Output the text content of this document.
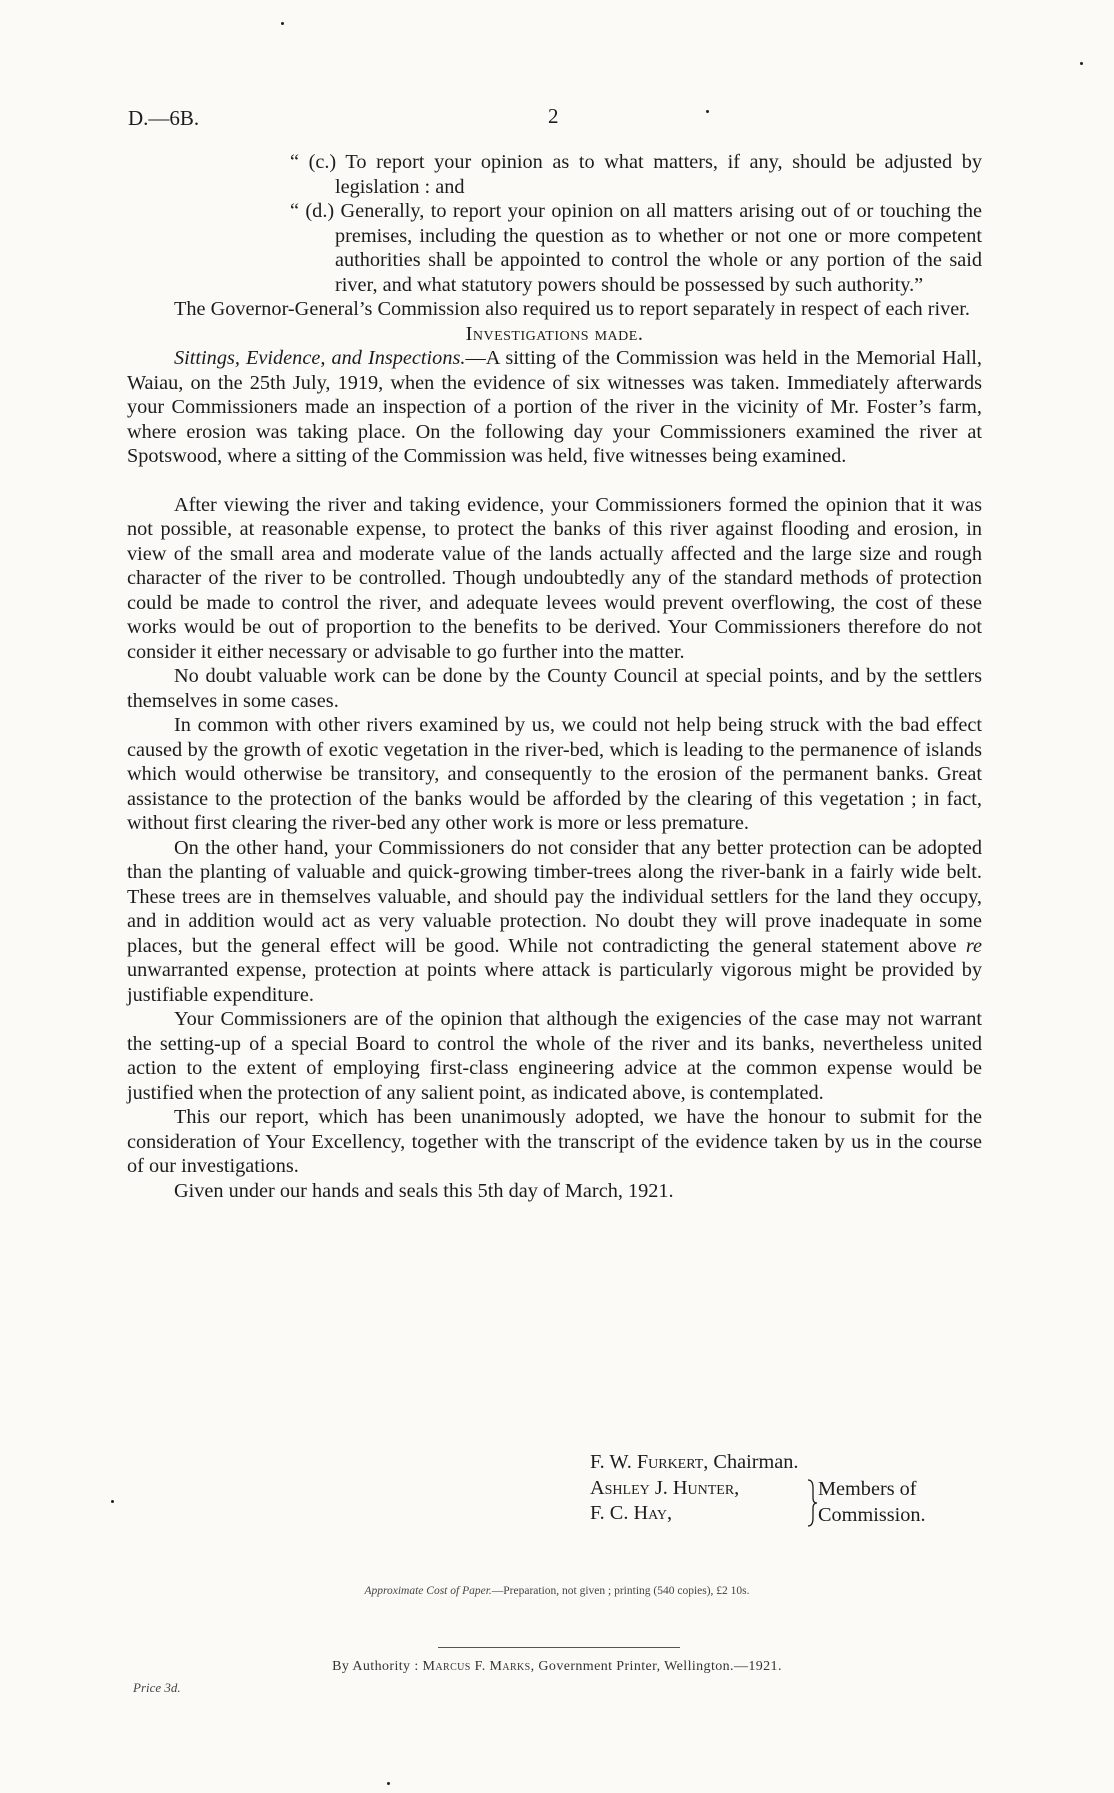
D.—6B.	2

“ (c.) To report your opinion as to what matters, if any, should be adjusted by legislation : and

“ (d.) Generally, to report your opinion on all matters arising out of or touching the premises, including the question as to whether or not one or more competent authorities shall be appointed to control the whole or any portion of the said river, and what statutory powers should be possessed by such authority.”

The Governor-General’s Commission also required us to report separately in respect of each river.

Investigations made.

Sittings, Evidence, and Inspections.—A sitting of the Commission was held in the Memorial Hall, Waiau, on the 25th July, 1919, when the evidence of six witnesses was taken. Immediately afterwards your Commissioners made an inspection of a portion of the river in the vicinity of Mr. Foster’s farm, where erosion was taking place. On the following day your Commissioners examined the river at Spotswood, where a sitting of the Commission was held, five witnesses being examined.

After viewing the river and taking evidence, your Commissioners formed the opinion that it was not possible, at reasonable expense, to protect the banks of this river against flooding and erosion, in view of the small area and moderate value of the lands actually affected and the large size and rough character of the river to be controlled. Though undoubtedly any of the standard methods of protection could be made to control the river, and adequate levees would prevent overflowing, the cost of these works would be out of proportion to the benefits to be derived. Your Commissioners therefore do not consider it either necessary or advisable to go further into the matter.

No doubt valuable work can be done by the County Council at special points, and by the settlers themselves in some cases.

In common with other rivers examined by us, we could not help being struck with the bad effect caused by the growth of exotic vegetation in the river-bed, which is leading to the permanence of islands which would otherwise be transitory, and consequently to the erosion of the permanent banks. Great assistance to the protection of the banks would be afforded by the clearing of this vegetation ; in fact, without first clearing the river-bed any other work is more or less premature.

On the other hand, your Commissioners do not consider that any better protection can be adopted than the planting of valuable and quick-growing timber-trees along the river-bank in a fairly wide belt. These trees are in themselves valuable, and should pay the individual settlers for the land they occupy, and in addition would act as very valuable protection. No doubt they will prove inadequate in some places, but the general effect will be good. While not contradicting the general statement above re unwarranted expense, protection at points where attack is particularly vigorous might be provided by justifiable expenditure.

Your Commissioners are of the opinion that although the exigencies of the case may not warrant the setting-up of a special Board to control the whole of the river and its banks, nevertheless united action to the extent of employing first-class engineering advice at the common expense would be justified when the protection of any salient point, as indicated above, is contemplated.

This our report, which has been unanimously adopted, we have the honour to submit for the consideration of Your Excellency, together with the transcript of the evidence taken by us in the course of our investigations.

Given under our hands and seals this 5th day of March, 1921.

F. W. Furkert, Chairman.
Ashley J. Hunter,
F. C. Hay,
Members of
Commission.
Approximate Cost of Paper.—Preparation, not given ; printing (540 copies), £2 10s.
By Authority : Marcus F. Marks, Government Printer, Wellington.—1921.
Price 3d.
